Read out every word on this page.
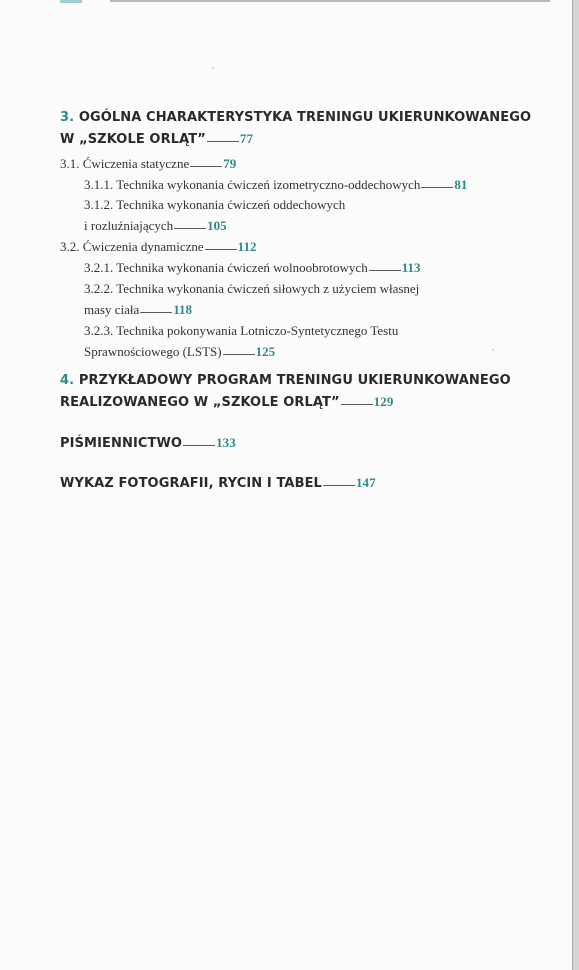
3. OGÓLNA CHARAKTERYSTYKA TRENINGU UKIERUNKOWANEGO
W „SZKOLE ORLĄT”	77
3.1. Ćwiczenia statyczne	79
3.1.1. Technika wykonania ćwiczeń izometryczno-oddechowych	81
3.1.2. Technika wykonania ćwiczeń oddechowych
i rozluźniających	105
3.2. Ćwiczenia dynamiczne	112
3.2.1. Technika wykonania ćwiczeń wolnoobrotowych	113
3.2.2. Technika wykonania ćwiczeń siłowych z użyciem własnej
masy ciała	118
3.2.3. Technika pokonywania Lotniczo-Syntetycznego Testu
Sprawnościowego (LSTS)	125
4. PRZYKŁADOWY PROGRAM TRENINGU UKIERUNKOWANEGO
REALIZOWANEGO W „SZKOLE ORLĄT”	129
PIŚMIENNICTWO	133
WYKAZ FOTOGRAFII, RYCIN I TABEL	147
